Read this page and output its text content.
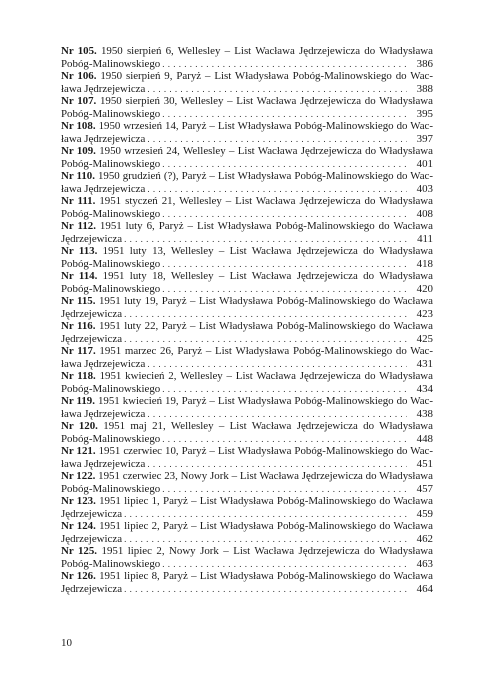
Nr 105. 1950 sierpień 6, Wellesley – List Wacława Jędrzejewicza do Władysława
Pobóg-Malinowskiego . . .	386
Nr 106. 1950 sierpień 9, Paryż – List Władysława Pobóg-Malinowskiego do Wac-
ława Jędrzejewicza . . .	388
Nr 107. 1950 sierpień 30, Wellesley – List Wacława Jędrzejewicza do Władysława
Pobóg-Malinowskiego . . .	395
Nr 108. 1950 wrzesień 14, Paryż – List Władysława Pobóg-Malinowskiego do Wac-
ława Jędrzejewicza . . .	397
Nr 109. 1950 wrzesień 24, Wellesley – List Wacława Jędrzejewicza do Władysława
Pobóg-Malinowskiego . . .	401
Nr 110. 1950 grudzień (?), Paryż – List Władysława Pobóg-Malinowskiego do Wac-
ława Jędrzejewicza . . .	403
Nr 111. 1951 styczeń 21, Wellesley – List Wacława Jędrzejewicza do Władysława
Pobóg-Malinowskiego . . .	408
Nr 112. 1951 luty 6, Paryż – List Władysława Pobóg-Malinowskiego do Wacława
Jędrzejewicza . . .	411
Nr 113. 1951 luty 13, Wellesley – List Wacława Jędrzejewicza do Władysława
Pobóg-Malinowskiego . . .	418
Nr 114. 1951 luty 18, Wellesley – List Wacława Jędrzejewicza do Władysława
Pobóg-Malinowskiego . . .	420
Nr 115. 1951 luty 19, Paryż – List Władysława Pobóg-Malinowskiego do Wacława
Jędrzejewicza . . .	423
Nr 116. 1951 luty 22, Paryż – List Władysława Pobóg-Malinowskiego do Wacława
Jędrzejewicza . . .	425
Nr 117. 1951 marzec 26, Paryż – List Władysława Pobóg-Malinowskiego do Wac-
ława Jędrzejewicza . . .	431
Nr 118. 1951 kwiecień 2, Wellesley – List Wacława Jędrzejewicza do Władysława
Pobóg-Malinowskiego . . .	434
Nr 119. 1951 kwiecień 19, Paryż – List Władysława Pobóg-Malinowskiego do Wac-
ława Jędrzejewicza . . .	438
Nr 120. 1951 maj 21, Wellesley – List Wacława Jędrzejewicza do Władysława
Pobóg-Malinowskiego . . .	448
Nr 121. 1951 czerwiec 10, Paryż – List Władysława Pobóg-Malinowskiego do Wac-
ława Jędrzejewicza . . .	451
Nr 122. 1951 czerwiec 23, Nowy Jork – List Wacława Jędrzejewicza do Władysława
Pobóg-Malinowskiego . . .	457
Nr 123. 1951 lipiec 1, Paryż – List Władysława Pobóg-Malinowskiego do Wacława
Jędrzejewicza . . .	459
Nr 124. 1951 lipiec 2, Paryż – List Władysława Pobóg-Malinowskiego do Wacława
Jędrzejewicza . . .	462
Nr 125. 1951 lipiec 2, Nowy Jork – List Wacława Jędrzejewicza do Władysława
Pobóg-Malinowskiego . . .	463
Nr 126. 1951 lipiec 8, Paryż – List Władysława Pobóg-Malinowskiego do Wacława
Jędrzejewicza . . .	464
10
